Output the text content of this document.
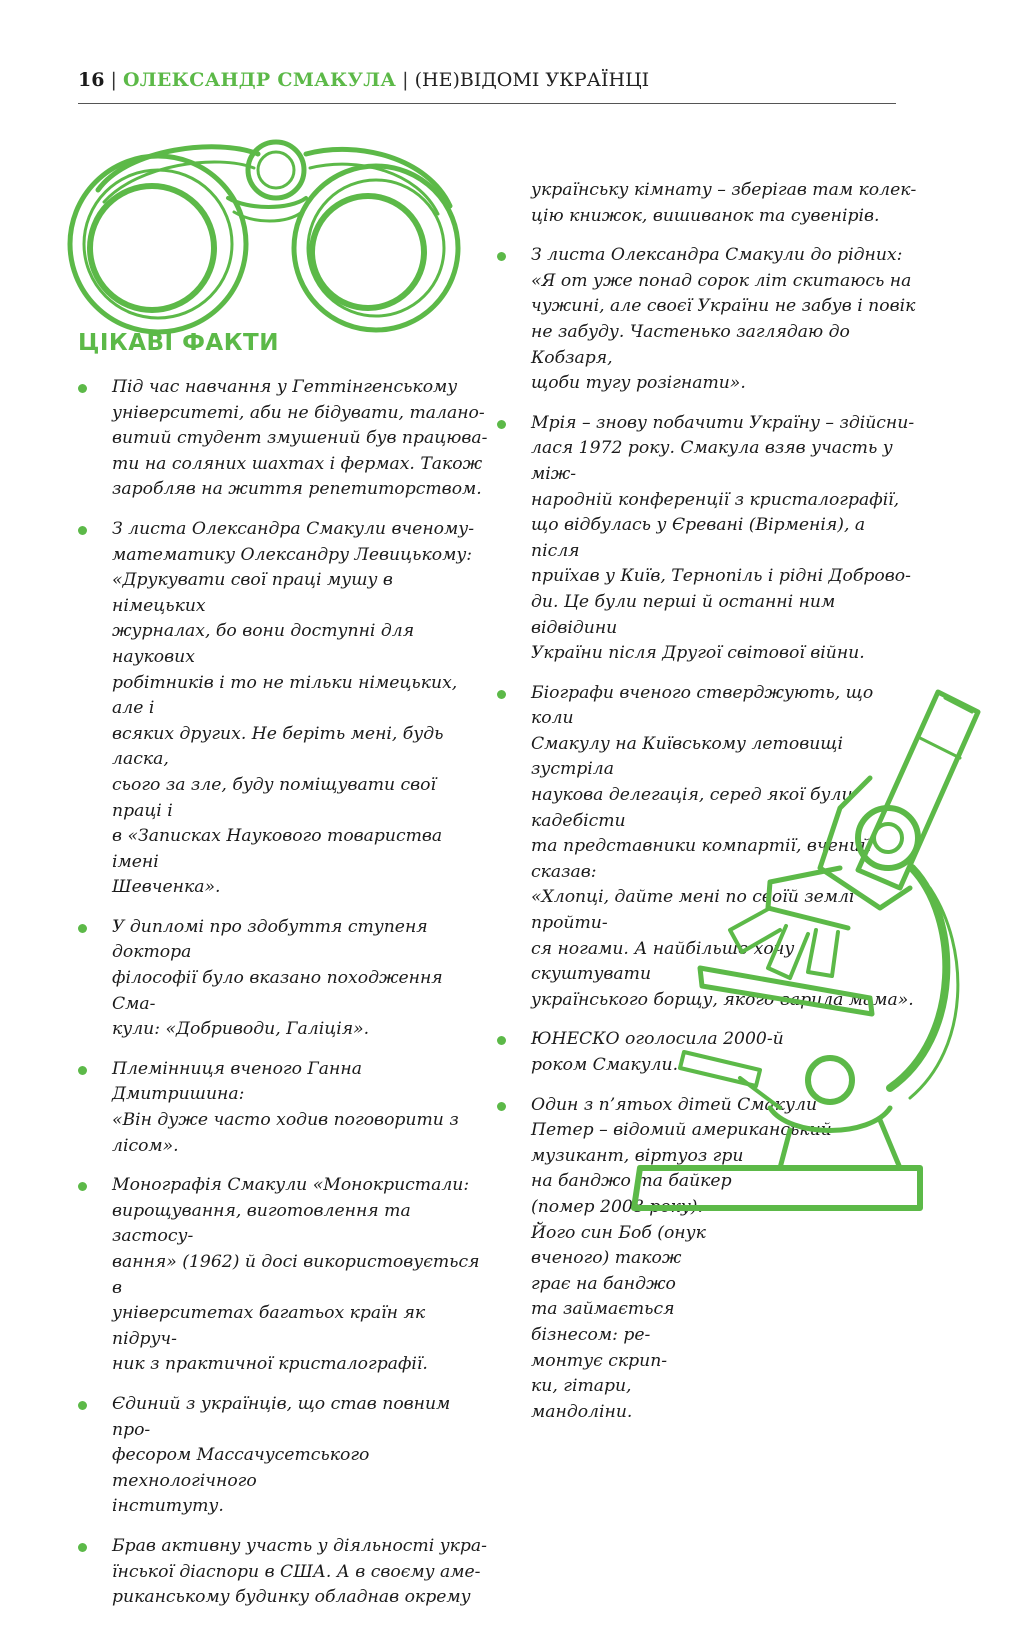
16 | ОЛЕКСАНДР СМАКУЛА | (НЕ)ВІДОМІ УКРАЇНЦІ
ЦІКАВІ ФАКТИ
Під час навчання у Геттінгенському
університеті, аби не бідувати, талано-
витий студент змушений був працюва-
ти на соляних шахтах і фермах. Також
заробляв на життя репетиторством.
З листа Олександра Смакули вченому-
математику Олександру Левицькому:
«Друкувати свої праці мушу в німецьких
журналах, бо вони доступні для наукових
робітників і то не тільки німецьких, але і
всяких других. Не беріть мені, будь ласка,
сього за зле, буду поміщувати свої праці і
в «Записках Наукового товариства імені
Шевченка».
У дипломі про здобуття ступеня доктора
філософії було вказано походження Сма-
кули: «Добриводи, Галіція».
Племінниця вченого Ганна Дмитришина:
«Він дуже часто ходив поговорити з лісом».
Монографія Смакули «Монокристали:
вирощування, виготовлення та застосу-
вання» (1962) й досі використовується в
університетах багатьох країн як підруч-
ник з практичної кристалографії.
Єдиний з українців, що став повним про-
фесором Массачусетського технологічного
інституту.
Брав активну участь у діяльності укра-
їнської діаспори в США. А в своєму аме-
риканському будинку обладнав окрему
українську кімнату – зберігав там колек-цію книжок, вишиванок та сувенірів.
З листа Олександра Смакули до рідних:
«Я от уже понад сорок літ скитаюсь на
чужині, але своєї України не забув і повік
не забуду. Частенько заглядаю до Кобзаря,
щоби тугу розігнати».
Мрія – знову побачити Україну – здійсни-
лася 1972 року. Смакула взяв участь у між-
народній конференції з кристалографії,
що відбулась у Єревані (Вірменія), а після
приїхав у Київ, Тернопіль і рідні Доброво-
ди. Це були перші й останні ним відвідини
України після Другої світової війни.
Біографи вченого стверджують, що коли
Смакулу на Київському летовищі зустріла
наукова делегація, серед якої були кадебісти
та представники компартії, вчений сказав:
«Хлопці, дайте мені по своїй землі пройти-
ся ногами. А найбільше хочу скуштувати
українського борщу, якого варила мама».
ЮНЕСКО оголосила 2000-й
роком Смакули.
Один з п’ятьох дітей Смакули
Петер – відомий американський
музикант, віртуоз гри
на банджо та байкер
(помер 2008 року).
Його син Боб (онук
вченого) також
грає на банджо
та займається
бізнесом: ре-
монтує скрип-
ки, гітари,
мандоліни.
